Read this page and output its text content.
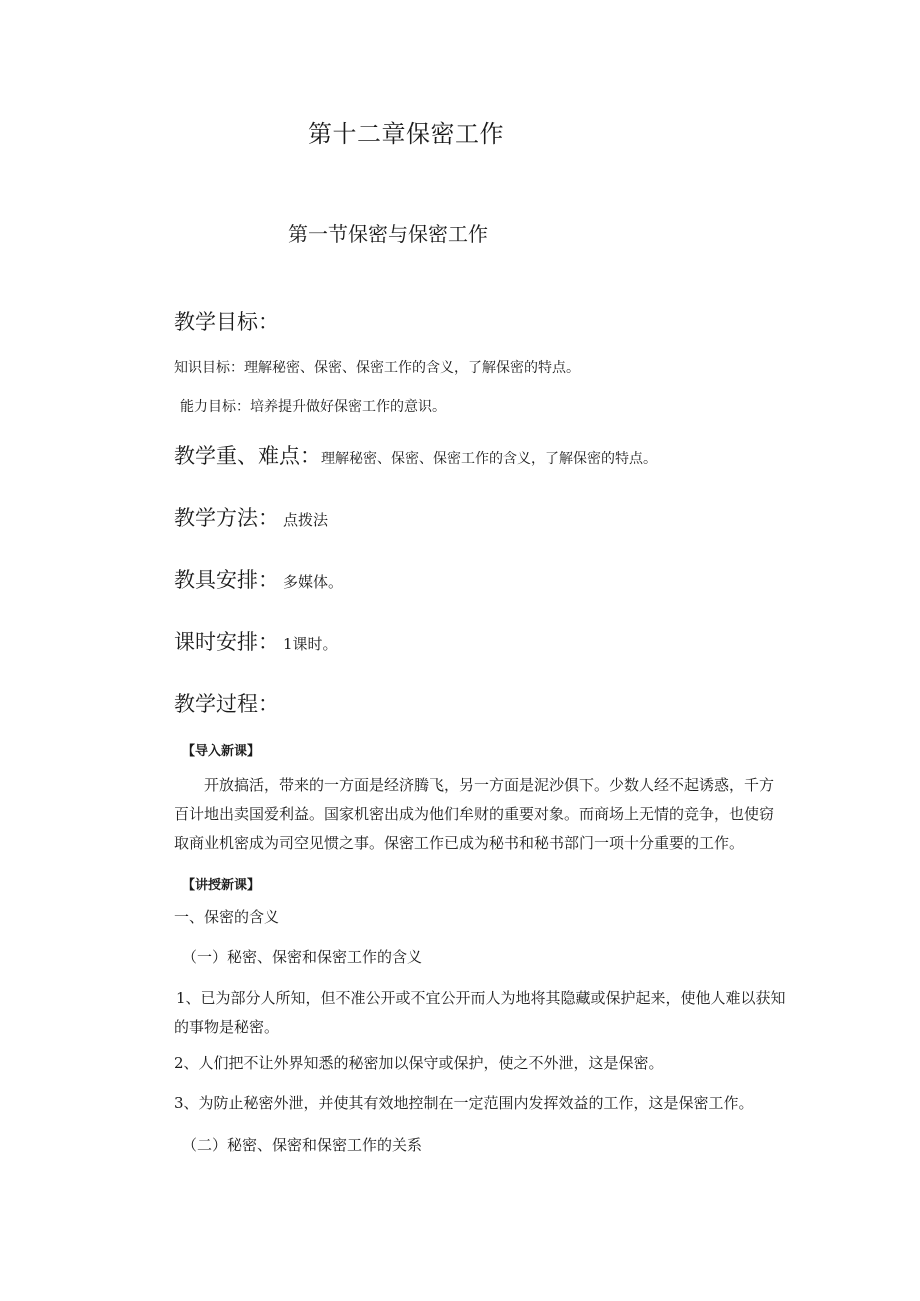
第十二章保密工作
第一节保密与保密工作
教学目标：
知识目标：理解秘密、保密、保密工作的含义，了解保密的特点。
能力目标：培养提升做好保密工作的意识。
教学重、难点：理解秘密、保密、保密工作的含义，了解保密的特点。
教学方法： 点拨法
教具安排： 多媒体。
课时安排： 1课时。
教学过程：
【导入新课】
开放搞活，带来的一方面是经济腾飞，另一方面是泥沙俱下。少数人经不起诱惑，千方百计地出卖国爱利益。国家机密出成为他们牟财的重要对象。而商场上无情的竞争，也使窃取商业机密成为司空见惯之事。保密工作已成为秘书和秘书部门一项十分重要的工作。
【讲授新课】
一、保密的含义
（一）秘密、保密和保密工作的含义
1、已为部分人所知，但不准公开或不宜公开而人为地将其隐藏或保护起来，使他人难以获知的事物是秘密。
2、人们把不让外界知悉的秘密加以保守或保护，使之不外泄，这是保密。
3、为防止秘密外泄，并使其有效地控制在一定范围内发挥效益的工作，这是保密工作。
（二）秘密、保密和保密工作的关系
